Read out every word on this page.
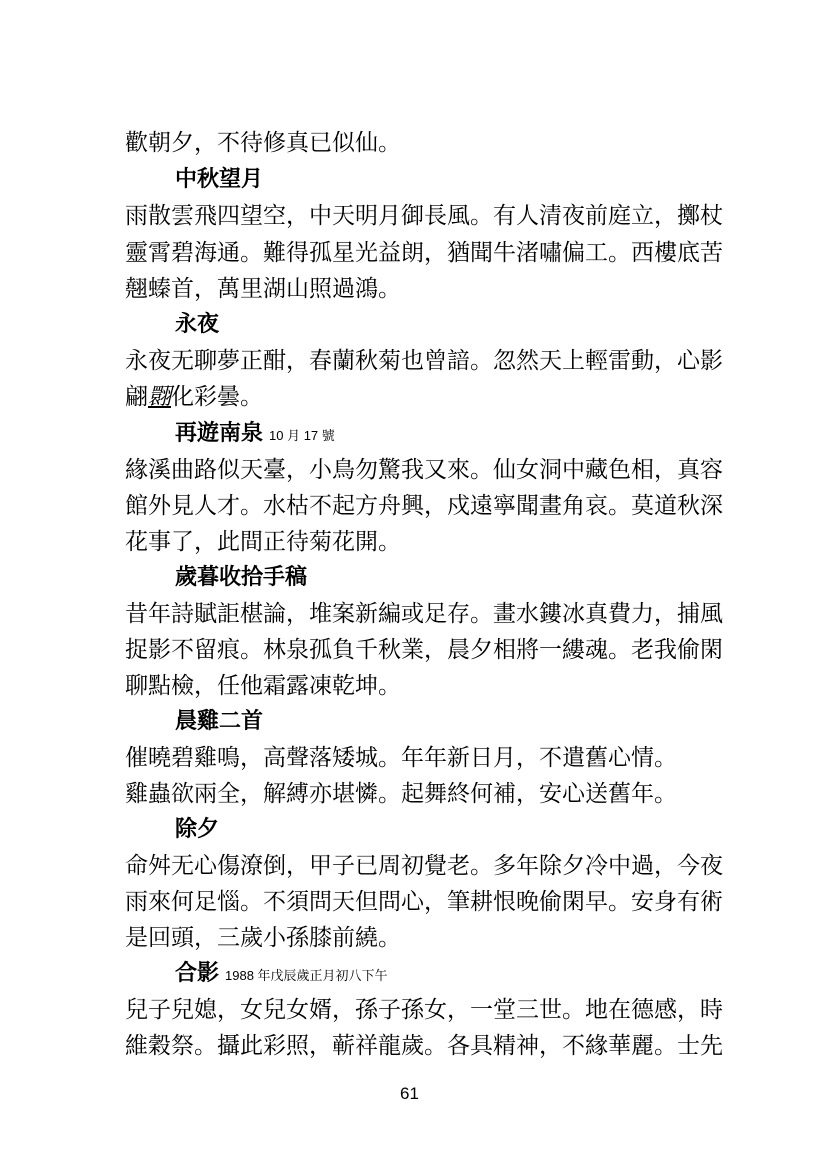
歡朝夕，不待修真已似仙。
中秋望月
雨散雲飛四望空，中天明月御長風。有人清夜前庭立，擲杖
靈霄碧海通。難得孤星光益朗，猶聞牛渚嘯偏工。西樓底苦
翹螓首，萬里湖山照過鴻。
永夜
永夜无聊夢正酣，春蘭秋菊也曾諳。忽然天上輕雷動，心影
翩翾化彩曇。
再遊南泉 10 月 17 號
緣溪曲路似天臺，小鳥勿驚我又來。仙女洞中藏色相，真容
館外見人才。水枯不起方舟興，戍遠寧聞畫角哀。莫道秋深
花事了，此間正待菊花開。
歲暮收拾手稿
昔年詩賦詎椹論，堆案新編或足存。畫水鏤冰真費力，捕風
捉影不留痕。林泉孤負千秋業，晨夕相將一縷魂。老我偷閑
聊點檢，任他霜露凍乾坤。
晨雞二首
催曉碧雞鳴，高聲落矮城。年年新日月，不遣舊心情。
雞蟲欲兩全，解縛亦堪憐。起舞終何補，安心送舊年。
除夕
命舛无心傷潦倒，甲子已周初覺老。多年除夕冷中過，今夜
雨來何足惱。不須問天但問心，筆耕恨晚偷閑早。安身有術
是回頭，三歲小孫膝前繞。
合影 1988 年戊辰歲正月初八下午
兒子兒媳，女兒女婿，孫子孫女，一堂三世。地在德感，時
維穀祭。攝此彩照，蕲祥龍歲。各具精神，不緣華麗。士先
61
